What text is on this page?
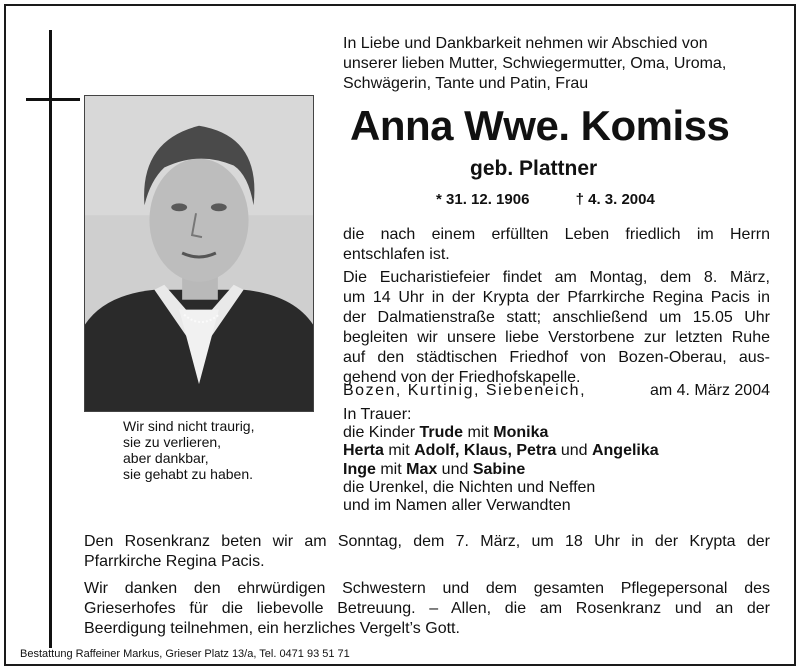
Wir sind nicht traurig,
sie zu verlieren,
aber dankbar,
sie gehabt zu haben.
In Liebe und Dankbarkeit nehmen wir Abschied von
unserer lieben Mutter, Schwiegermutter, Oma, Uroma,
Schwägerin, Tante und Patin, Frau
Anna Wwe. Komiss
geb. Plattner
* 31. 12. 1906	† 4. 3. 2004
die nach einem erfüllten Leben friedlich im Herrn
entschlafen ist.
Die Eucharistiefeier findet am Montag, dem 8. März,
um 14 Uhr in der Krypta der Pfarrkirche Regina Pacis in
der Dalmatienstraße statt; anschließend um 15.05 Uhr
begleiten wir unsere liebe Verstorbene zur letzten Ruhe
auf den städtischen Friedhof von Bozen-Oberau, aus-
gehend von der Friedhofskapelle.
Bozen, Kurtinig, Siebeneich,	am 4. März 2004
In Trauer:
die Kinder Trude mit Monika
Herta mit Adolf, Klaus, Petra und Angelika
Inge mit Max und Sabine
die Urenkel, die Nichten und Neffen
und im Namen aller Verwandten
Den Rosenkranz beten wir am Sonntag, dem 7. März, um 18 Uhr in der Krypta der
Pfarrkirche Regina Pacis.
Wir danken den ehrwürdigen Schwestern und dem gesamten Pflegepersonal des
Grieserhofes für die liebevolle Betreuung. – Allen, die am Rosenkranz und an der
Beerdigung teilnehmen, ein herzliches Vergelt’s Gott.
Bestattung Raffeiner Markus, Grieser Platz 13/a, Tel. 0471 93 51 71
